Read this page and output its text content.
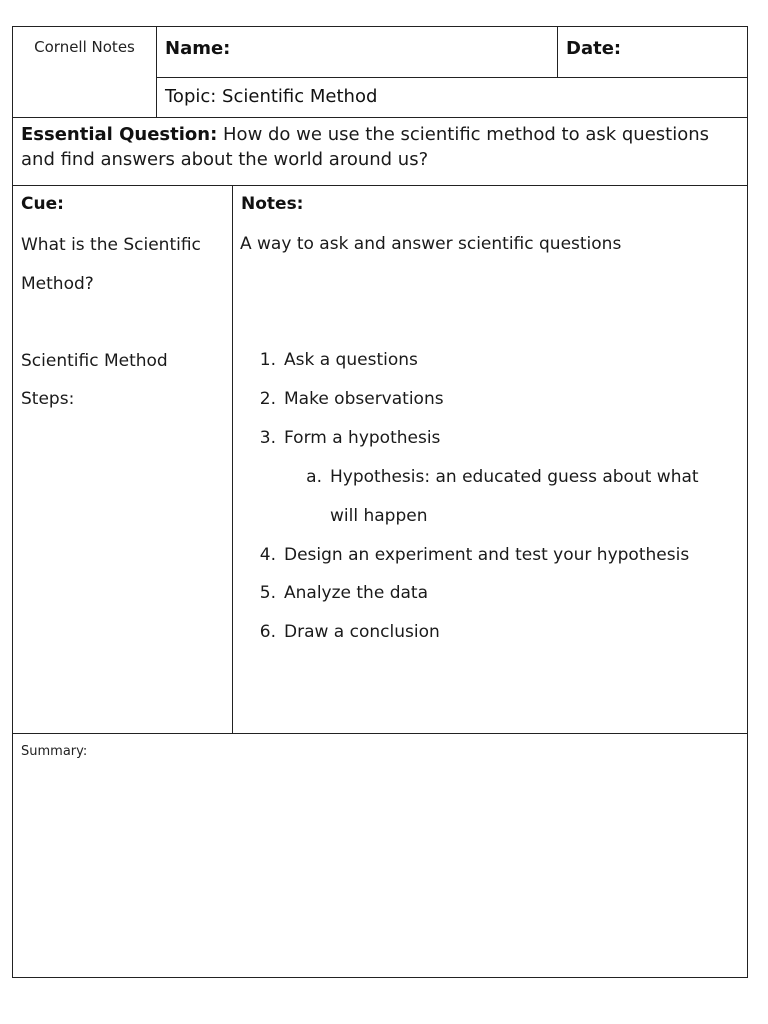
Cornell Notes	Name:	Date:
Topic: Scientific Method
Essential Question: How do we use the scientific method to ask questions and find answers about the world around us?
Cue:
What is the Scientific
Method?
Scientific Method
Steps:
Notes:
A way to ask and answer scientific questions
1. Ask a questions
2. Make observations
3. Form a hypothesis
a. Hypothesis: an educated guess about what
will happen
4. Design an experiment and test your hypothesis
5. Analyze the data
6. Draw a conclusion
Summary:
